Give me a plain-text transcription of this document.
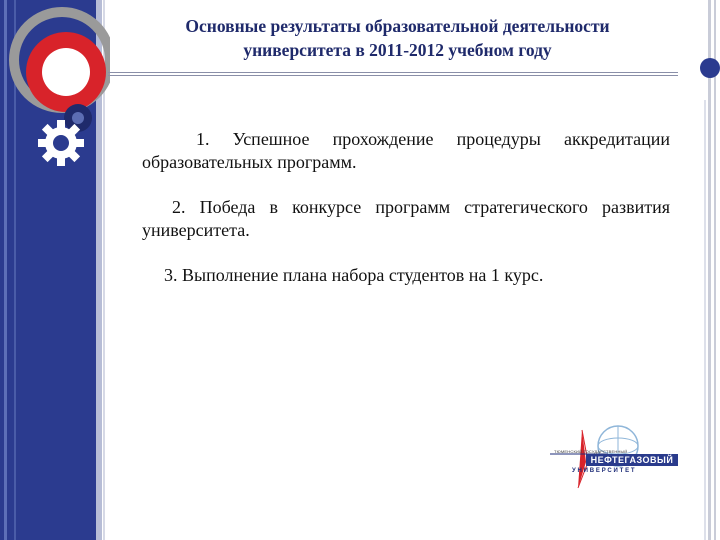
Основные результаты образовательной деятельности
университета в 2011-2012 учебном году

1. Успешное прохождение процедуры аккредитации образовательных программ.

2. Победа в конкурсе программ стратегического развития университета.

3. Выполнение плана набора студентов на 1 курс.

ТЮМЕНСКИЙ ГОСУДАРСТВЕННЫЙ
НЕФТЕГАЗОВЫЙ
УНИВЕРСИТЕТ
